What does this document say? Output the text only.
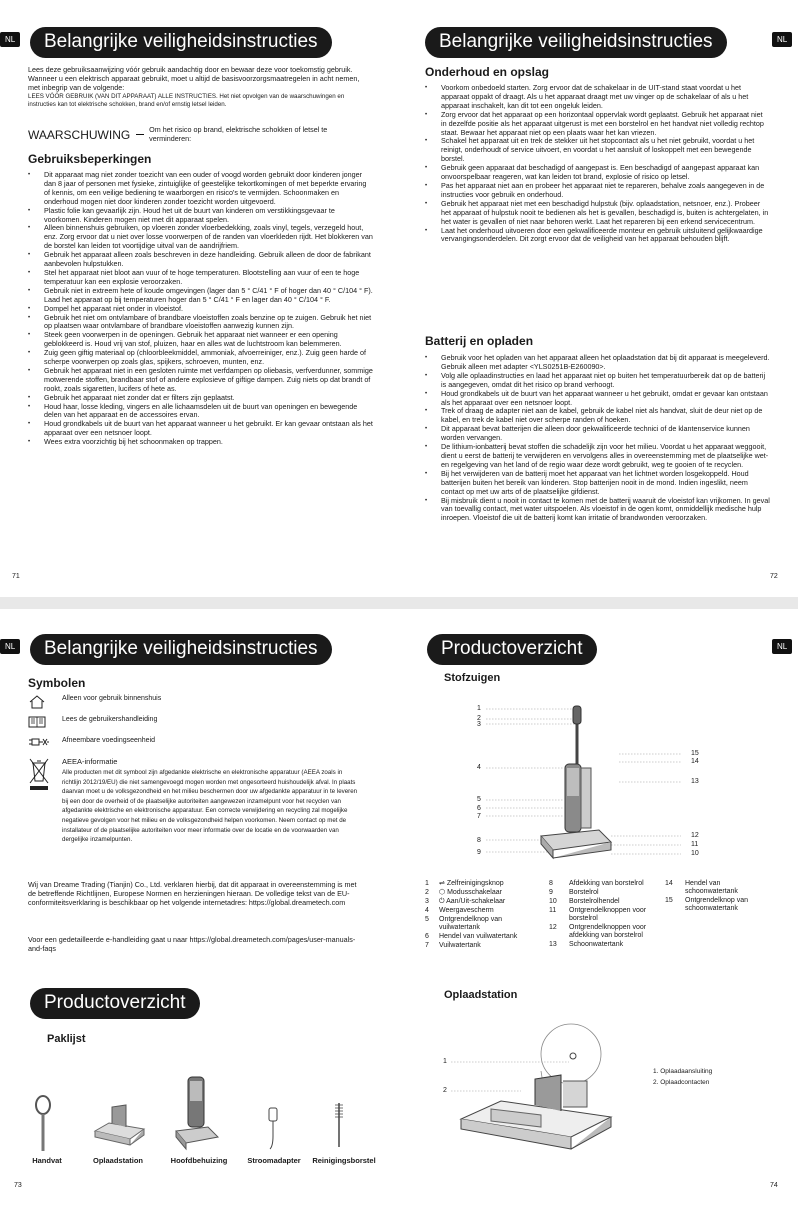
NL	Belangrijke veiligheidsinstructies
Lees deze gebruiksaanwijzing vóór gebruik aandachtig door en bewaar deze voor toekomstig gebruik.
Wanneer u een elektrisch apparaat gebruikt, moet u altijd de basisvoorzorgsmaatregelen in acht nemen, met inbegrip van de volgende:
LEES VÓÓR GEBRUIK (VAN DIT APPARAAT) ALLE INSTRUCTIES. Het niet opvolgen van de waarschuwingen en instructies kan tot elektrische schokken, brand en/of ernstig letsel leiden.
WAARSCHUWING	Om het risico op brand, elektrische schokken of letsel te verminderen:
Gebruiksbeperkingen
• Dit apparaat mag niet zonder toezicht van een ouder of voogd worden gebruikt door kinderen jonger dan 8 jaar of personen met fysieke, zintuiglijke of geestelijke tekortkomingen of met beperkte ervaring of kennis, om een veilige bediening te waarborgen en risico's te vermijden. Schoonmaken en onderhoud mogen niet door kinderen zonder toezicht worden uitgevoerd.
• Plastic folie kan gevaarlijk zijn. Houd het uit de buurt van kinderen om verstikkingsgevaar te voorkomen. Kinderen mogen niet met dit apparaat spelen.
• Alleen binnenshuis gebruiken, op vloeren zonder vloerbedekking, zoals vinyl, tegels, verzegeld hout, enz. Zorg ervoor dat u niet over losse voorwerpen of de randen van vloerkleden rijdt. Het blokkeren van de borstel kan leiden tot voortijdige uitval van de aandrijfriem.
• Gebruik het apparaat alleen zoals beschreven in deze handleiding. Gebruik alleen de door de fabrikant aanbevolen hulpstukken.
• Stel het apparaat niet bloot aan vuur of te hoge temperaturen. Blootstelling aan vuur of een te hoge temperatuur kan een explosie veroorzaken.
• Gebruik niet in extreem hete of koude omgevingen (lager dan 5 ° C/41 ° F of hoger dan 40 ° C/104 ° F). Laad het apparaat op bij temperaturen hoger dan 5 ° C/41 ° F en lager dan 40 ° C/104 ° F.
• Dompel het apparaat niet onder in vloeistof.
• Gebruik het niet om ontvlambare of brandbare vloeistoffen zoals benzine op te zuigen. Gebruik het niet op plaatsen waar ontvlambare of brandbare vloeistoffen aanwezig kunnen zijn.
• Steek geen voorwerpen in de openingen. Gebruik het apparaat niet wanneer er een opening geblokkeerd is. Houd vrij van stof, pluizen, haar en alles wat de luchtstroom kan belemmeren.
• Zuig geen giftig materiaal op (chloorbleekmiddel, ammoniak, afvoerreiniger, enz.). Zuig geen harde of scherpe voorwerpen op zoals glas, spijkers, schroeven, munten, enz.
• Gebruik het apparaat niet in een gesloten ruimte met verfdampen op oliebasis, verfverdunner, sommige motwerende stoffen, brandbaar stof of andere explosieve of giftige dampen. Zuig niets op dat brandt of rookt, zoals sigaretten, lucifers of hete as.
• Gebruik het apparaat niet zonder dat er filters zijn geplaatst.
• Houd haar, losse kleding, vingers en alle lichaamsdelen uit de buurt van openingen en bewegende delen van het apparaat en de accessoires ervan.
• Houd grondkabels uit de buurt van het apparaat wanneer u het gebruikt. Er kan gevaar ontstaan als het apparaat over een netsnoer loopt.
• Wees extra voorzichtig bij het schoonmaken op trappen.
71
Belangrijke veiligheidsinstructies	NL
Onderhoud en opslag
• Voorkom onbedoeld starten. Zorg ervoor dat de schakelaar in de UIT-stand staat voordat u het apparaat oppakt of draagt. Als u het apparaat draagt met uw vinger op de schakelaar of als u het apparaat inschakelt, kan dit tot een ongeluk leiden.
• Zorg ervoor dat het apparaat op een horizontaal oppervlak wordt geplaatst. Gebruik het apparaat niet in dezelfde positie als het apparaat uitgerust is met een borstelrol en het handvat niet volledig rechtop staat. Bewaar het apparaat niet op een plaats waar het kan vriezen.
• Schakel het apparaat uit en trek de stekker uit het stopcontact als u het niet gebruikt, voordat u het reinigt, onderhoudt of service uitvoert, en voordat u het aansluit of loskoppelt met een bewegende borstel.
• Gebruik geen apparaat dat beschadigd of aangepast is. Een beschadigd of aangepast apparaat kan onvoorspelbaar reageren, wat kan leiden tot brand, explosie of risico op letsel.
• Pas het apparaat niet aan en probeer het apparaat niet te repareren, behalve zoals aangegeven in de instructies voor gebruik en onderhoud.
• Gebruik het apparaat niet met een beschadigd hulpstuk (bijv. oplaadstation, netsnoer, enz.). Probeer het apparaat of hulpstuk nooit te bedienen als het is gevallen, beschadigd is, buiten is achtergelaten, in het water is gevallen of niet naar behoren werkt. Laat het repareren bij een erkend servicecentrum.
• Laat het onderhoud uitvoeren door een gekwalificeerde monteur en gebruik uitsluitend gelijkwaardige vervangingsonderdelen. Dit zorgt ervoor dat de veiligheid van het apparaat behouden blijft.
Batterij en opladen
• Gebruik voor het opladen van het apparaat alleen het oplaadstation dat bij dit apparaat is meegeleverd. Gebruik alleen met adapter <YLS0251B-E260090>.
• Volg alle oplaadinstructies en laad het apparaat niet op buiten het temperatuurbereik dat op de batterij is aangegeven, omdat dit het risico op brand verhoogt.
• Houd grondkabels uit de buurt van het apparaat wanneer u het gebruikt, omdat er gevaar kan ontstaan als het apparaat over een netsnoer loopt.
• Trek of draag de adapter niet aan de kabel, gebruik de kabel niet als handvat, sluit de deur niet op de kabel, en trek de kabel niet over scherpe randen of hoeken.
• Dit apparaat bevat batterijen die alleen door gekwalificeerde technici of de klantenservice kunnen worden vervangen.
• De lithium-ionbatterij bevat stoffen die schadelijk zijn voor het milieu. Voordat u het apparaat weggooit, dient u eerst de batterij te verwijderen en vervolgens alles in overeenstemming met de plaatselijke wet- en regelgeving van het land of de regio waar deze wordt gebruikt, weg te gooien of te recyclen.
• Bij het verwijderen van de batterij moet het apparaat van het lichtnet worden losgekoppeld. Houd batterijen buiten het bereik van kinderen. Stop batterijen nooit in de mond. Indien ingeslikt, neem contact op met uw arts of de plaatselijke gifdienst.
• Bij misbruik dient u nooit in contact te komen met de batterij waaruit de vloeistof kan vrijkomen. In geval van toevallig contact, met water uitspoelen. Als vloeistof in de ogen komt, onmiddellijk medische hulp inroepen. Vloeistof die uit de batterij komt kan irritatie of brandwonden veroorzaken.
72
NL	Belangrijke veiligheidsinstructies
Symbolen
Alleen voor gebruik binnenshuis
Lees de gebruikershandleiding
Afneembare voedingseenheid
AEEA-informatie
Alle producten met dit symbool zijn afgedankte elektrische en elektronische apparatuur (AEEA zoals in richtlijn 2012/19/EU) die niet samengevoegd mogen worden met ongesorteerd huishoudelijk afval. In plaats daarvan moet u de volksgezondheid en het milieu beschermen door uw afgedankte apparatuur in te leveren bij een door de overheid of de plaatselijke autoriteiten aangewezen inzamelpunt voor het recyclen van afgedankte elektrische en elektronische apparatuur. Een correcte verwijdering en recycling zal mogelijke negatieve gevolgen voor het milieu en de volksgezondheid helpen voorkomen. Neem contact op met de installateur of de plaatselijke autoriteiten voor meer informatie over de locatie en de voorwaarden van dergelijke inzamelpunten.
Wij van Dreame Trading (Tianjin) Co., Ltd. verklaren hierbij, dat dit apparaat in overeenstemming is met de betreffende Richtlijnen, Europese Normen en herzieningen hieraan. De volledige tekst van de EU-conformiteitsverklaring is beschikbaar op het volgende internetadres: https://global.dreametech.com
Voor een gedetailleerde e-handleiding gaat u naar https://global.dreametech.com/pages/user-manuals-and-faqs
Productoverzicht
Paklijst
Handvat	Oplaadstation	Hoofdbehuizing	Stroomadapter	Reinigingsborstel
73
Productoverzicht	NL
Stofzuigen
1
2
3
4
5
6
7
8
9
15
14
13
12
11
10
1	⇌ Zelfreinigingsknop
2	⬡ Modusschakelaar
3	⏻ Aan/Uit-schakelaar
4	Weergavescherm
5	Ontgrendelknop van vuilwatertank
6	Hendel van vuilwatertank
7	Vuilwatertank
8	Afdekking van borstelrol
9	Borstelrol
10	Borstelrolhendel
11	Ontgrendelknoppen voor borstelrol
12	Ontgrendelknoppen voor afdekking van borstelrol
13	Schoonwatertank
14	Hendel van schoonwatertank
15	Ontgrendelknop van schoonwatertank
Oplaadstation
1
2
1. Oplaadaansluiting
2. Oplaadcontacten
74
